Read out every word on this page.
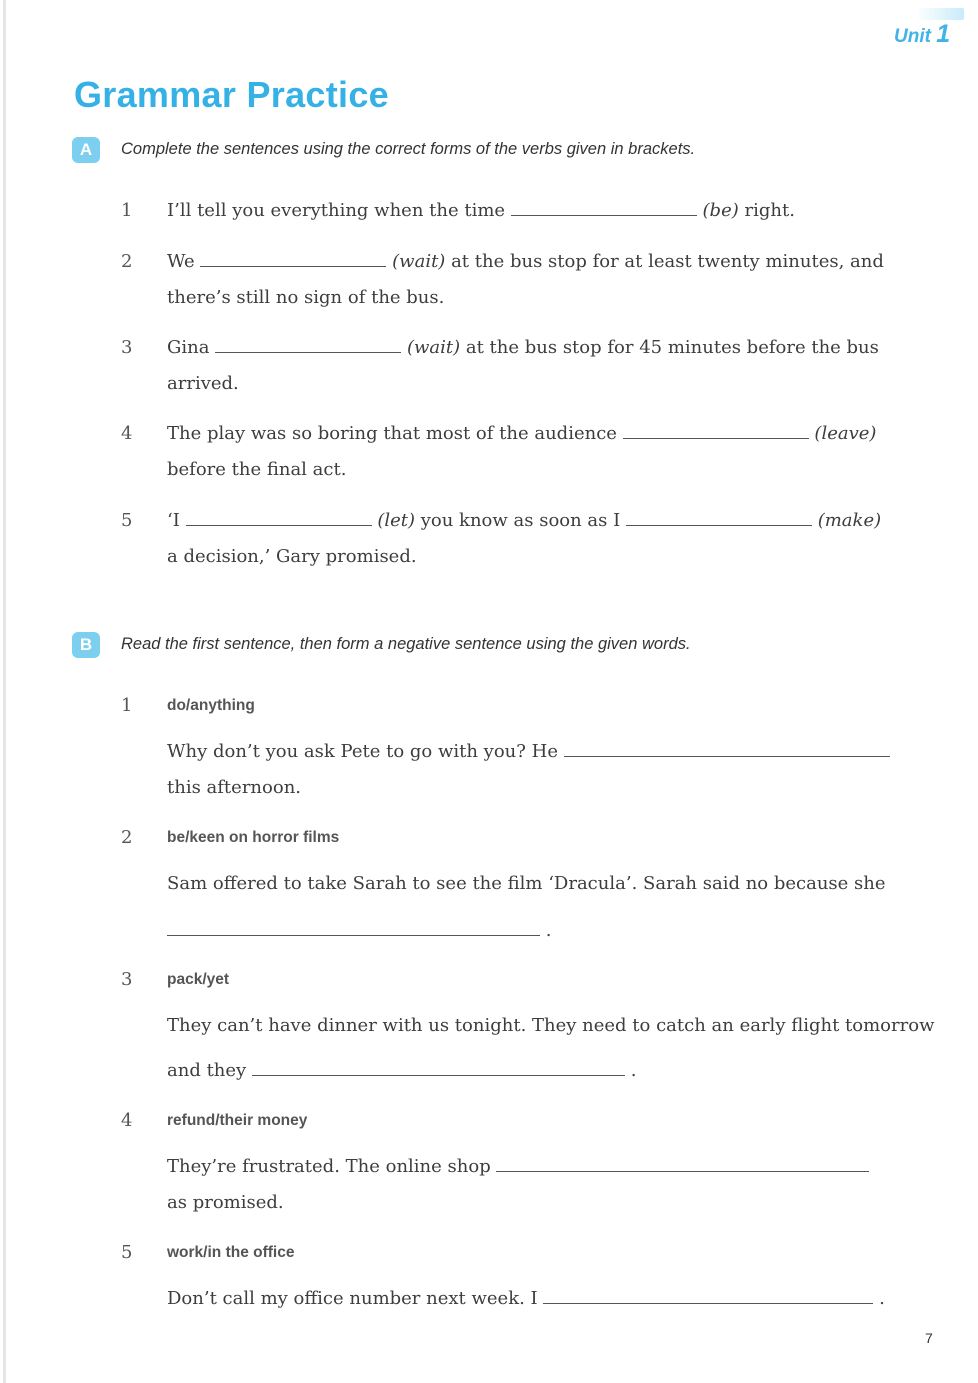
Unit 1
Grammar Practice
A	Complete the sentences using the correct forms of the verbs given in brackets.
1 I’ll tell you everything when the time	(be) right.
2 We	(wait) at the bus stop for at least twenty minutes, and
there’s still no sign of the bus.
3 Gina	(wait) at the bus stop for 45 minutes before the bus
arrived.
4 The play was so boring that most of the audience	(leave)
before the final act.
5 ‘I	(let) you know as soon as I	(make)
a decision,’ Gary promised.
B	Read the first sentence, then form a negative sentence using the given words.
1 do/anything
Why don’t you ask Pete to go with you? He
this afternoon.
2 be/keen on horror films
Sam offered to take Sarah to see the film ‘Dracula’. Sarah said no because she
.
3 pack/yet
They can’t have dinner with us tonight. They need to catch an early flight tomorrow
and they	.
4 refund/their money
They’re frustrated. The online shop
as promised.
5 work/in the office
Don’t call my office number next week. I	.
7
